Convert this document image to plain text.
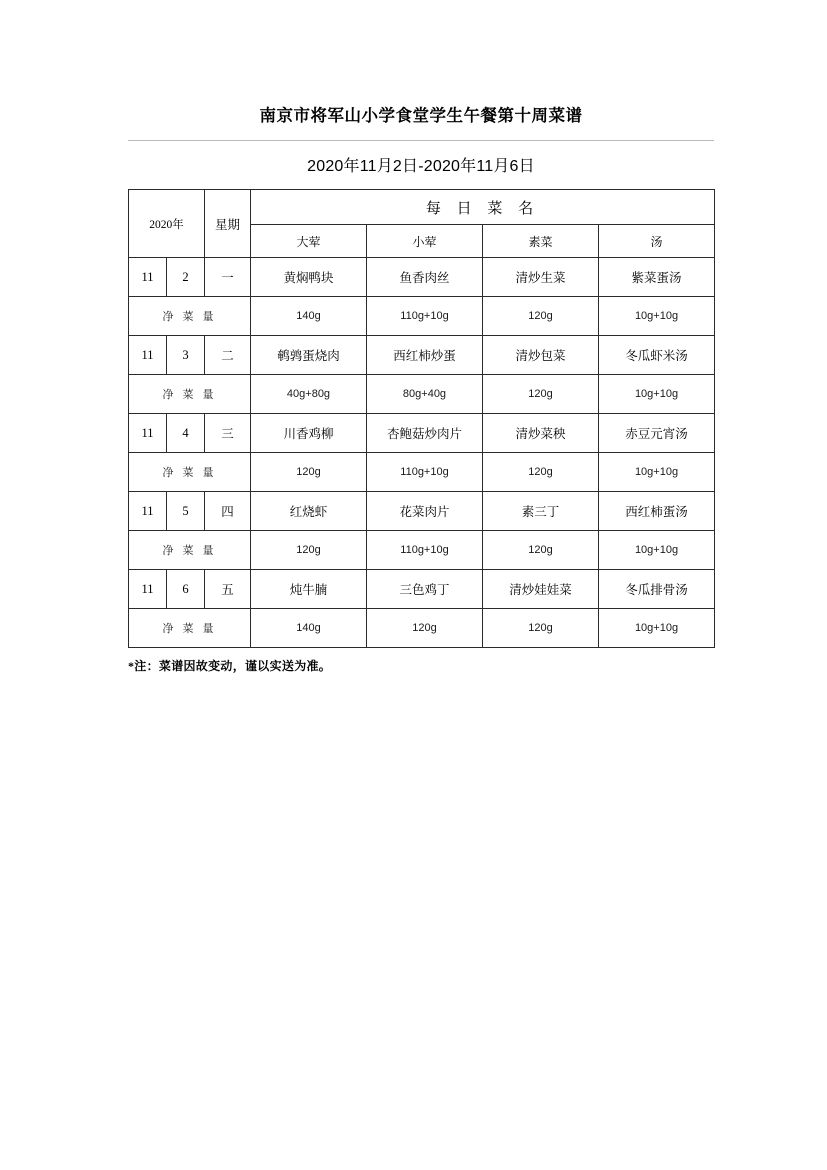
南京市将军山小学食堂学生午餐第十周菜谱
2020年11月2日-2020年11月6日
2020年		星期	每 日 菜 名			
			大荤	小荤	素菜	汤
11	2	一	黄焖鸭块	鱼香肉丝	清炒生菜	紫菜蛋汤
净 菜 量			140g	110g+10g	120g	10g+10g
11	3	二	鹌鹑蛋烧肉	西红柿炒蛋	清炒包菜	冬瓜虾米汤
净 菜 量			40g+80g	80g+40g	120g	10g+10g
11	4	三	川香鸡柳	杏鲍菇炒肉片	清炒菜秧	赤豆元宵汤
净 菜 量			120g	110g+10g	120g	10g+10g
11	5	四	红烧虾	花菜肉片	素三丁	西红柿蛋汤
净 菜 量			120g	110g+10g	120g	10g+10g
11	6	五	炖牛腩	三色鸡丁	清炒娃娃菜	冬瓜排骨汤
净 菜 量			140g	120g	120g	10g+10g
*注：菜谱因故变动，谨以实送为准。
